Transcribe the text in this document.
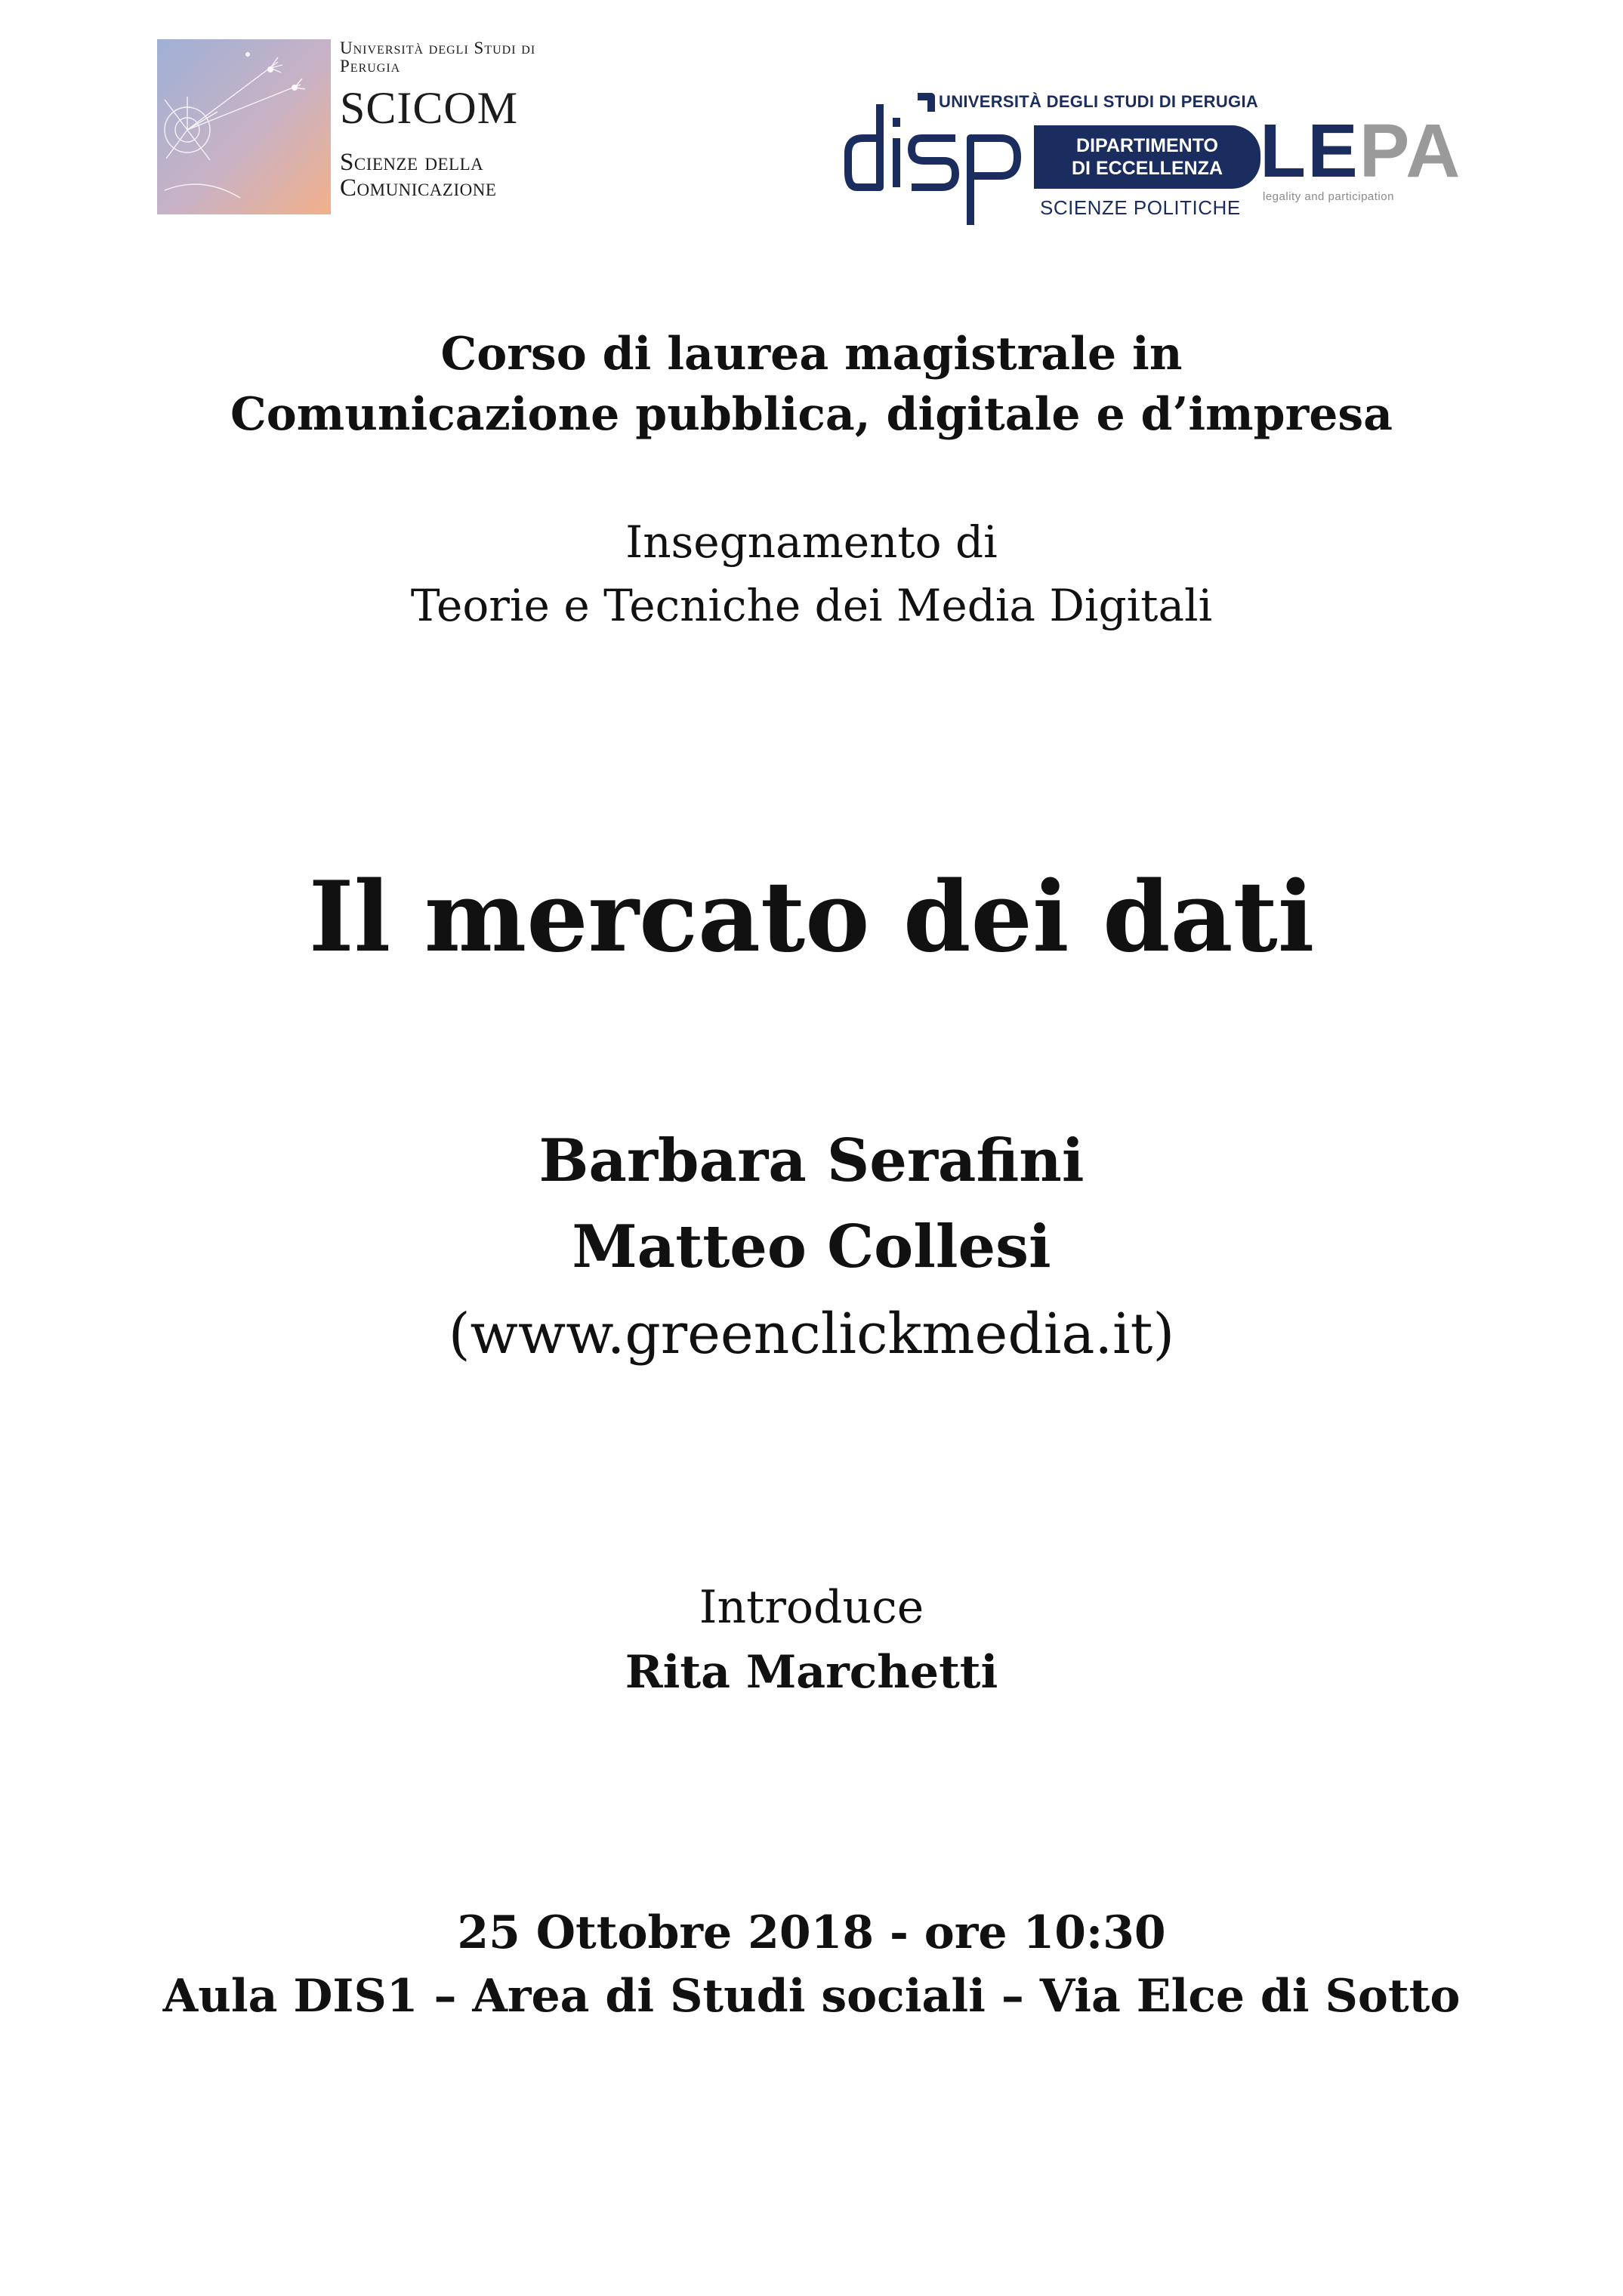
Università degli Studi di Perugia
SCICOM
Scienze della Comunicazione
UNIVERSITÀ DEGLI STUDI DI PERUGIA
DIPARTIMENTO
DI ECCELLENZA
SCIENZE POLITICHE
LEPA
legality and participation
Corso di laurea magistrale in
Comunicazione pubblica, digitale e d’impresa
Insegnamento di
Teorie e Tecniche dei Media Digitali
Il mercato dei dati
Barbara Serafini
Matteo Collesi
(www.greenclickmedia.it)
Introduce
Rita Marchetti
25 Ottobre 2018 - ore 10:30
Aula DIS1 – Area di Studi sociali – Via Elce di Sotto
